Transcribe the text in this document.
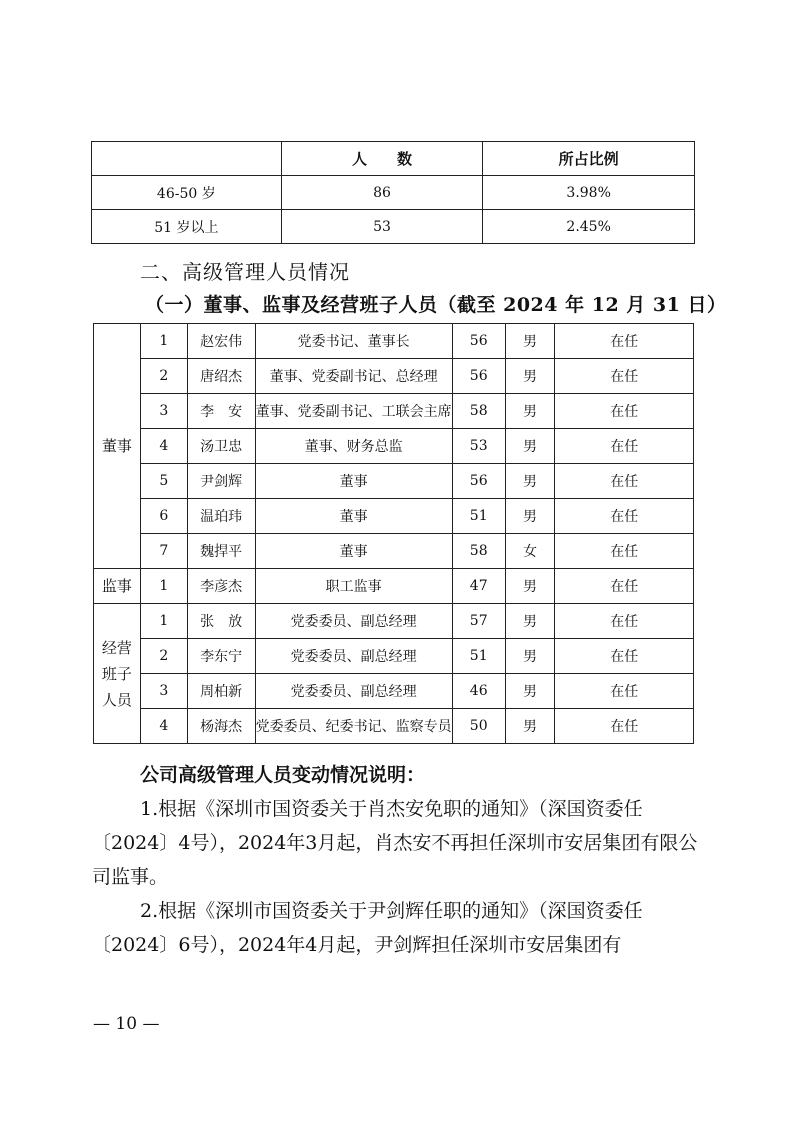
	人　　数	所占比例
46-50 岁	86	3.98%
51 岁以上	53	2.45%
二、高级管理人员情况
（一）董事、监事及经营班子人员（截至 2024 年 12 月 31 日）
董事	1	赵宏伟	党委书记、董事长	56	男	在任
	2	唐绍杰	董事、党委副书记、总经理	56	男	在任
	3	李　安	董事、党委副书记、工联会主席	58	男	在任
	4	汤卫忠	董事、财务总监	53	男	在任
	5	尹剑辉	董事	56	男	在任
	6	温珀玮	董事	51	男	在任
	7	魏捍平	董事	58	女	在任
监事	1	李彦杰	职工监事	47	男	在任

经营
班子
人员	1	张　放	党委委员、副总经理	57	男	在任
	2	李东宁	党委委员、副总经理	51	男	在任
	3	周柏新	党委委员、副总经理	46	男	在任
	4	杨海杰	党委委员、纪委书记、监察专员	50	男	在任
公司高级管理人员变动情况说明：
1.根据《深圳市国资委关于肖杰安免职的通知》（深国资委任〔2024〕4号），2024年3月起，肖杰安不再担任深圳市安居集团有限公司监事。
2.根据《深圳市国资委关于尹剑辉任职的通知》（深国资委任〔2024〕6号），2024年4月起，尹剑辉担任深圳市安居集团有
— 10 —
